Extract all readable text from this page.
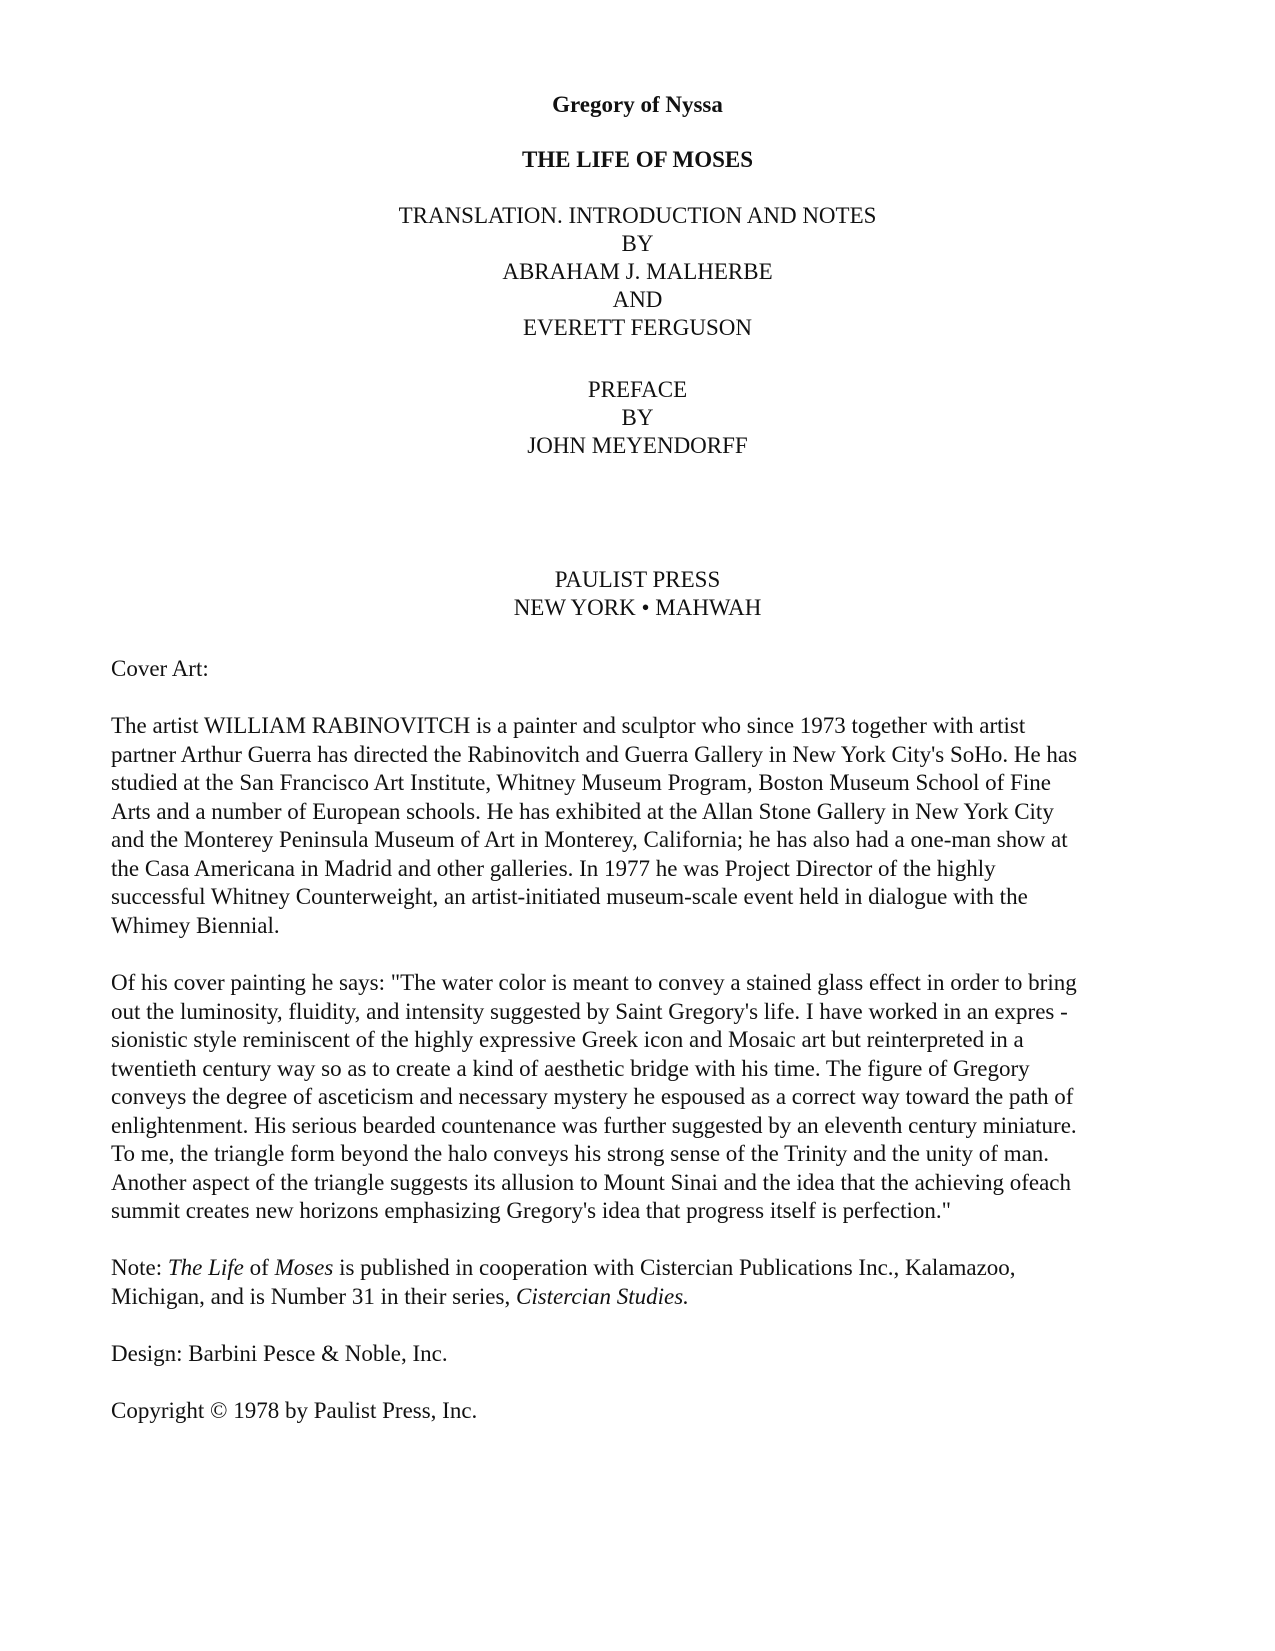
Gregory of Nyssa
THE LIFE OF MOSES
TRANSLATION. INTRODUCTION AND NOTES
BY
ABRAHAM J. MALHERBE
AND
EVERETT FERGUSON
PREFACE
BY
JOHN MEYENDORFF
PAULIST PRESS
NEW YORK • MAHWAH
Cover Art:
The artist WILLIAM RABINOVITCH is a painter and sculptor who since 1973 together with artist
partner Arthur Guerra has directed the Rabinovitch and Guerra Gallery in New York City's SoHo. He has
studied at the San Francisco Art Institute, Whitney Museum Program, Boston Museum School of Fine
Arts and a number of European schools. He has exhibited at the Allan Stone Gallery in New York City
and the Monterey Peninsula Museum of Art in Monterey, California; he has also had a one-man show at
the Casa Americana in Madrid and other galleries. In 1977 he was Project Director of the highly
successful Whitney Counterweight, an artist-initiated museum-scale event held in dialogue with the
Whimey Biennial.
Of his cover painting he says: "The water color is meant to convey a stained glass effect in order to bring
out the luminosity, fluidity, and intensity suggested by Saint Gregory's life. I have worked in an expres -
sionistic style reminiscent of the highly expressive Greek icon and Mosaic art but reinterpreted in a
twentieth century way so as to create a kind of aesthetic bridge with his time. The figure of Gregory
conveys the degree of asceticism and necessary mystery he espoused as a correct way toward the path of
enlightenment. His serious bearded countenance was further suggested by an eleventh century miniature.
To me, the triangle form beyond the halo conveys his strong sense of the Trinity and the unity of man.
Another aspect of the triangle suggests its allusion to Mount Sinai and the idea that the achieving ofeach
summit creates new horizons emphasizing Gregory's idea that progress itself is perfection."
Note: The Life of Moses is published in cooperation with Cistercian Publications Inc., Kalamazoo,
Michigan, and is Number 31 in their series, Cistercian Studies.
Design: Barbini Pesce & Noble, Inc.
Copyright © 1978 by Paulist Press, Inc.
